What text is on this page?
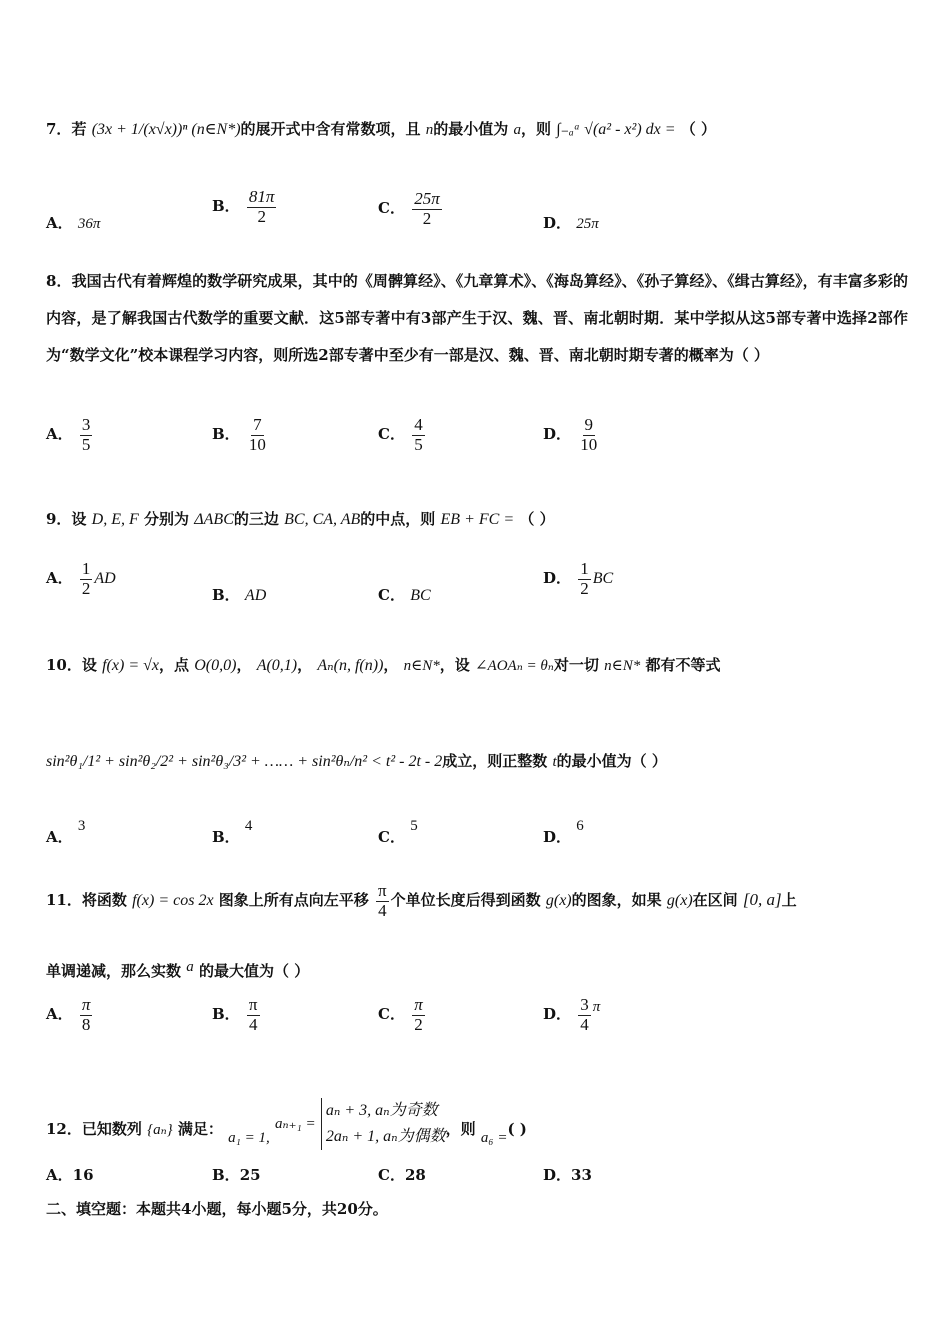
7．若 (3x + 1/(x√x))ⁿ (n∈N*)的展开式中含有常数项，且 n的最小值为 a，则 ∫₋ₐᵃ √(a² - x²) dx = （ ）
A． 36π
B． $\frac{81\pi}{2}$	C． $\frac{25\pi}{2}$	D． 25π
8．我国古代有着辉煌的数学研究成果，其中的《周髀算经》、《九章算术》、《海岛算经》、《孙子算经》、《缉古算经》，有丰富多彩的内容，是了解我国古代数学的重要文献．这5部专著中有3部产生于汉、魏、晋、南北朝时期．某中学拟从这5部专著中选择2部作为“数学文化”校本课程学习内容，则所选2部专著中至少有一部是汉、魏、晋、南北朝时期专著的概率为（ ）
A． $\frac{3}{5}$	B． $\frac{7}{10}$	C． $\frac{4}{5}$	D． $\frac{9}{10}$
9．设 D, E, F 分别为 ΔABC的三边 BC, CA, AB的中点，则 EB + FC = （ ）
A． $\frac{1}{2}$ AD
B． AD	C． BC
D． $\frac{1}{2}$ BC
10．设 f(x) = √x，点 O(0,0)， A(0,1)， Aₙ(n, f(n))， n∈N*，设 ∠AOAₙ = θₙ对一切 n∈N* 都有不等式
sin²θ₁/1² + sin²θ₂/2² + sin²θ₃/3² + …… + sin²θₙ/n² < t² - 2t - 2成立，则正整数 t的最小值为（ ）
A． 3
B． 4
C． 5
D． 6
11．将函数 f(x) = cos 2x 图象上所有点向左平移 $\frac{\pi}{4}$ 个单位长度后得到函数 g(x)的图象，如果 g(x)在区间 [0, a]上
单调递减，那么实数 a 的最大值为（ ）
A． $\frac{\pi}{8}$	B． $\frac{\pi}{4}$	C． $\frac{\pi}{2}$	D． $\frac{3}{4}$ π
12．已知数列 {aₙ} 满足： a₁ = 1, aₙ₊₁ =
aₙ + 3, aₙ为奇数
2aₙ + 1, aₙ为偶数 ，则 a₆ =( )
A．16	B．25	C．28	D．33
二、填空题：本题共4小题，每小题5分，共20分。
